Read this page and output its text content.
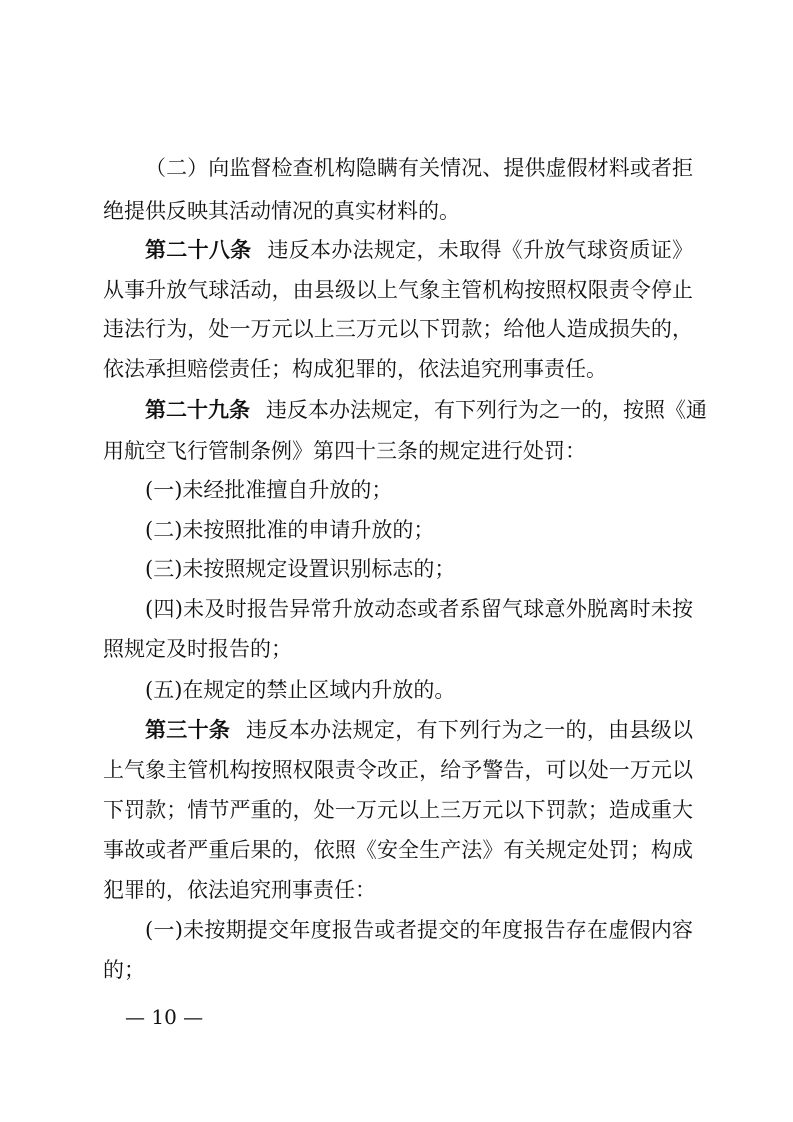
（二）向监督检查机构隐瞒有关情况、提供虚假材料或者拒
绝提供反映其活动情况的真实材料的。
第二十八条 违反本办法规定，未取得《升放气球资质证》
从事升放气球活动，由县级以上气象主管机构按照权限责令停止
违法行为，处一万元以上三万元以下罚款；给他人造成损失的，
依法承担赔偿责任；构成犯罪的，依法追究刑事责任。
第二十九条 违反本办法规定，有下列行为之一的，按照《通
用航空飞行管制条例》第四十三条的规定进行处罚：
(一)未经批准擅自升放的；
(二)未按照批准的申请升放的；
(三)未按照规定设置识别标志的；
(四)未及时报告异常升放动态或者系留气球意外脱离时未按
照规定及时报告的；
(五)在规定的禁止区域内升放的。
第三十条 违反本办法规定，有下列行为之一的，由县级以
上气象主管机构按照权限责令改正，给予警告，可以处一万元以
下罚款；情节严重的，处一万元以上三万元以下罚款；造成重大
事故或者严重后果的，依照《安全生产法》有关规定处罚；构成
犯罪的，依法追究刑事责任：
(一)未按期提交年度报告或者提交的年度报告存在虚假内容
的；
— 10 —
